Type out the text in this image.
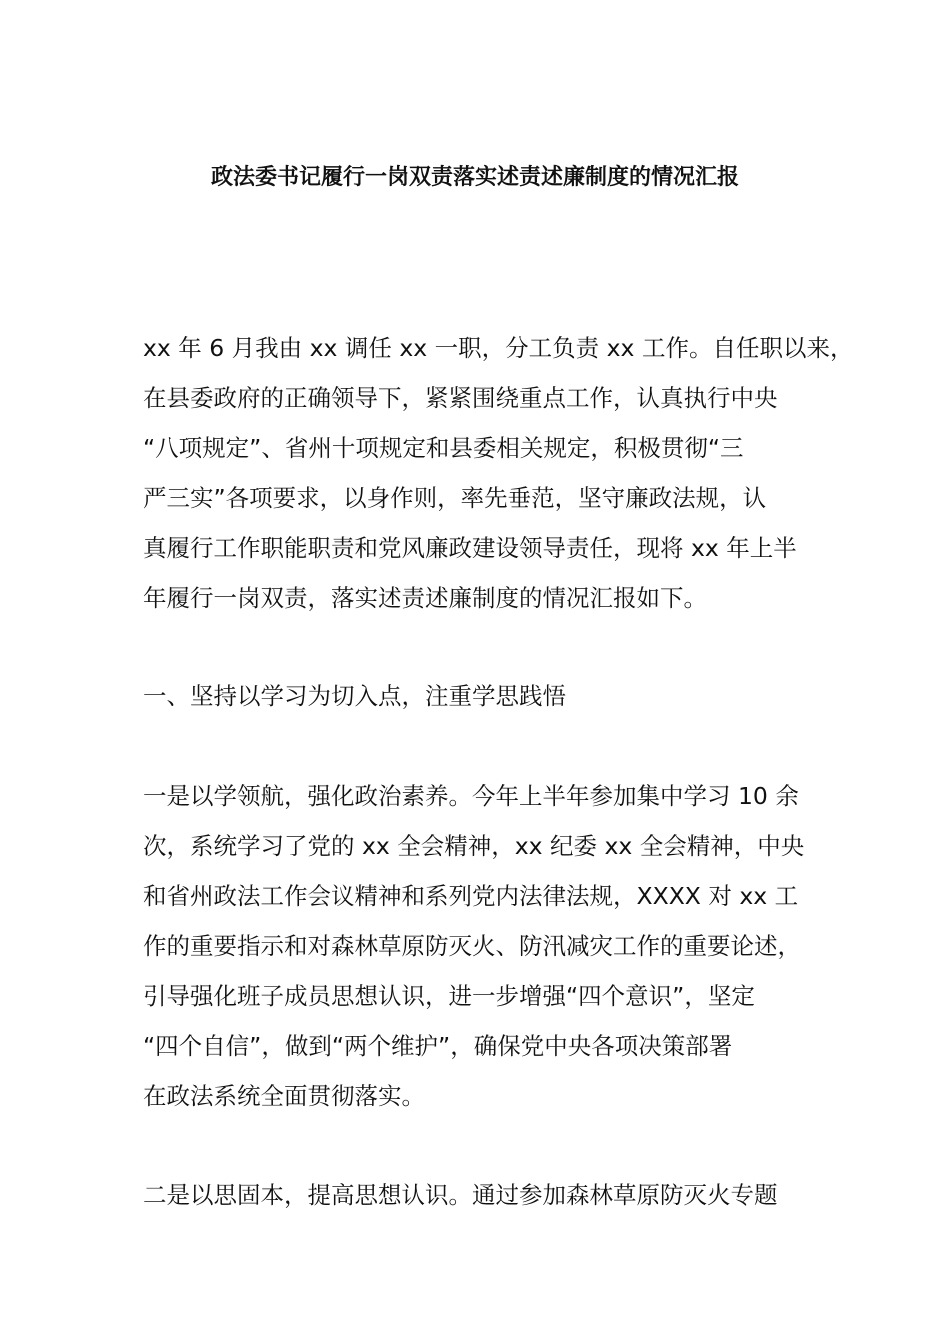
政法委书记履行一岗双责落实述责述廉制度的情况汇报
xx 年 6 月我由 xx 调任 xx 一职，分工负责 xx 工作。自任职以来，
在县委政府的正确领导下，紧紧围绕重点工作，认真执行中央
“八项规定”、省州十项规定和县委相关规定，积极贯彻“三
严三实”各项要求，以身作则，率先垂范，坚守廉政法规，认
真履行工作职能职责和党风廉政建设领导责任，现将 xx 年上半
年履行一岗双责，落实述责述廉制度的情况汇报如下。
一、坚持以学习为切入点，注重学思践悟
一是以学领航，强化政治素养。今年上半年参加集中学习 10 余
次，系统学习了党的 xx 全会精神，xx 纪委 xx 全会精神，中央
和省州政法工作会议精神和系列党内法律法规，XXXX 对 xx 工
作的重要指示和对森林草原防灭火、防汛减灾工作的重要论述，
引导强化班子成员思想认识，进一步增强“四个意识”，坚定
“四个自信”，做到“两个维护”，确保党中央各项决策部署
在政法系统全面贯彻落实。
二是以思固本，提高思想认识。通过参加森林草原防灭火专题
